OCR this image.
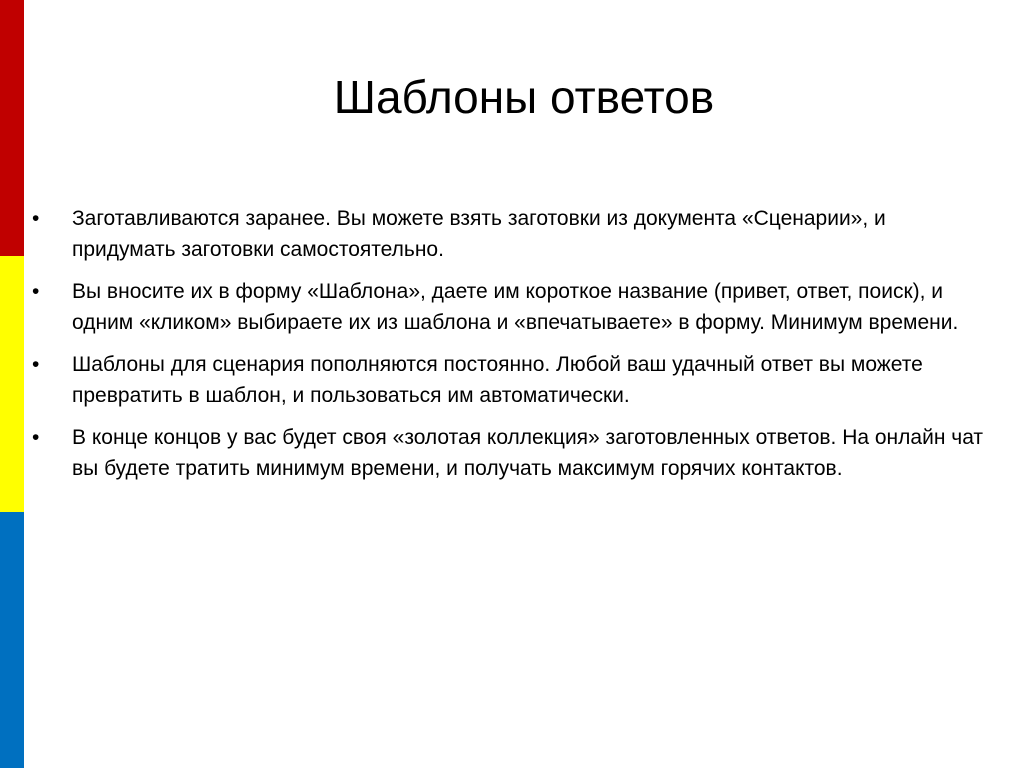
Шаблоны ответов
•	Заготавливаются заранее. Вы можете взять заготовки из документа «Сценарии», и придумать заготовки самостоятельно.
•	Вы вносите их в форму «Шаблона», даете им короткое название (привет, ответ, поиск), и одним «кликом» выбираете их из шаблона и «впечатываете» в форму. Минимум времени.
•	Шаблоны для сценария пополняются постоянно. Любой ваш удачный ответ вы можете превратить в шаблон, и пользоваться им автоматически.
•	В конце концов у вас будет своя «золотая коллекция» заготовленных ответов. На онлайн чат вы будете тратить минимум времени, и получать максимум горячих контактов.
